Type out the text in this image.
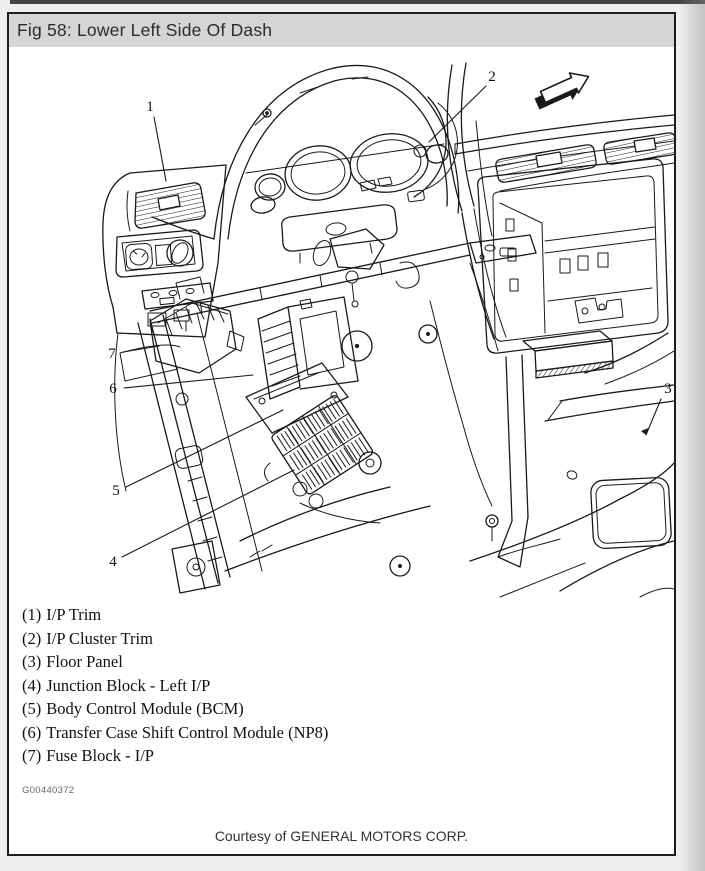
Fig 58: Lower Left Side Of Dash
1
2
3
4
5
6
7
(1) I/P Trim
(2) I/P Cluster Trim
(3) Floor Panel
(4) Junction Block - Left I/P
(5) Body Control Module (BCM)
(6) Transfer Case Shift Control Module (NP8)
(7) Fuse Block - I/P
G00440372
Courtesy of GENERAL MOTORS CORP.
